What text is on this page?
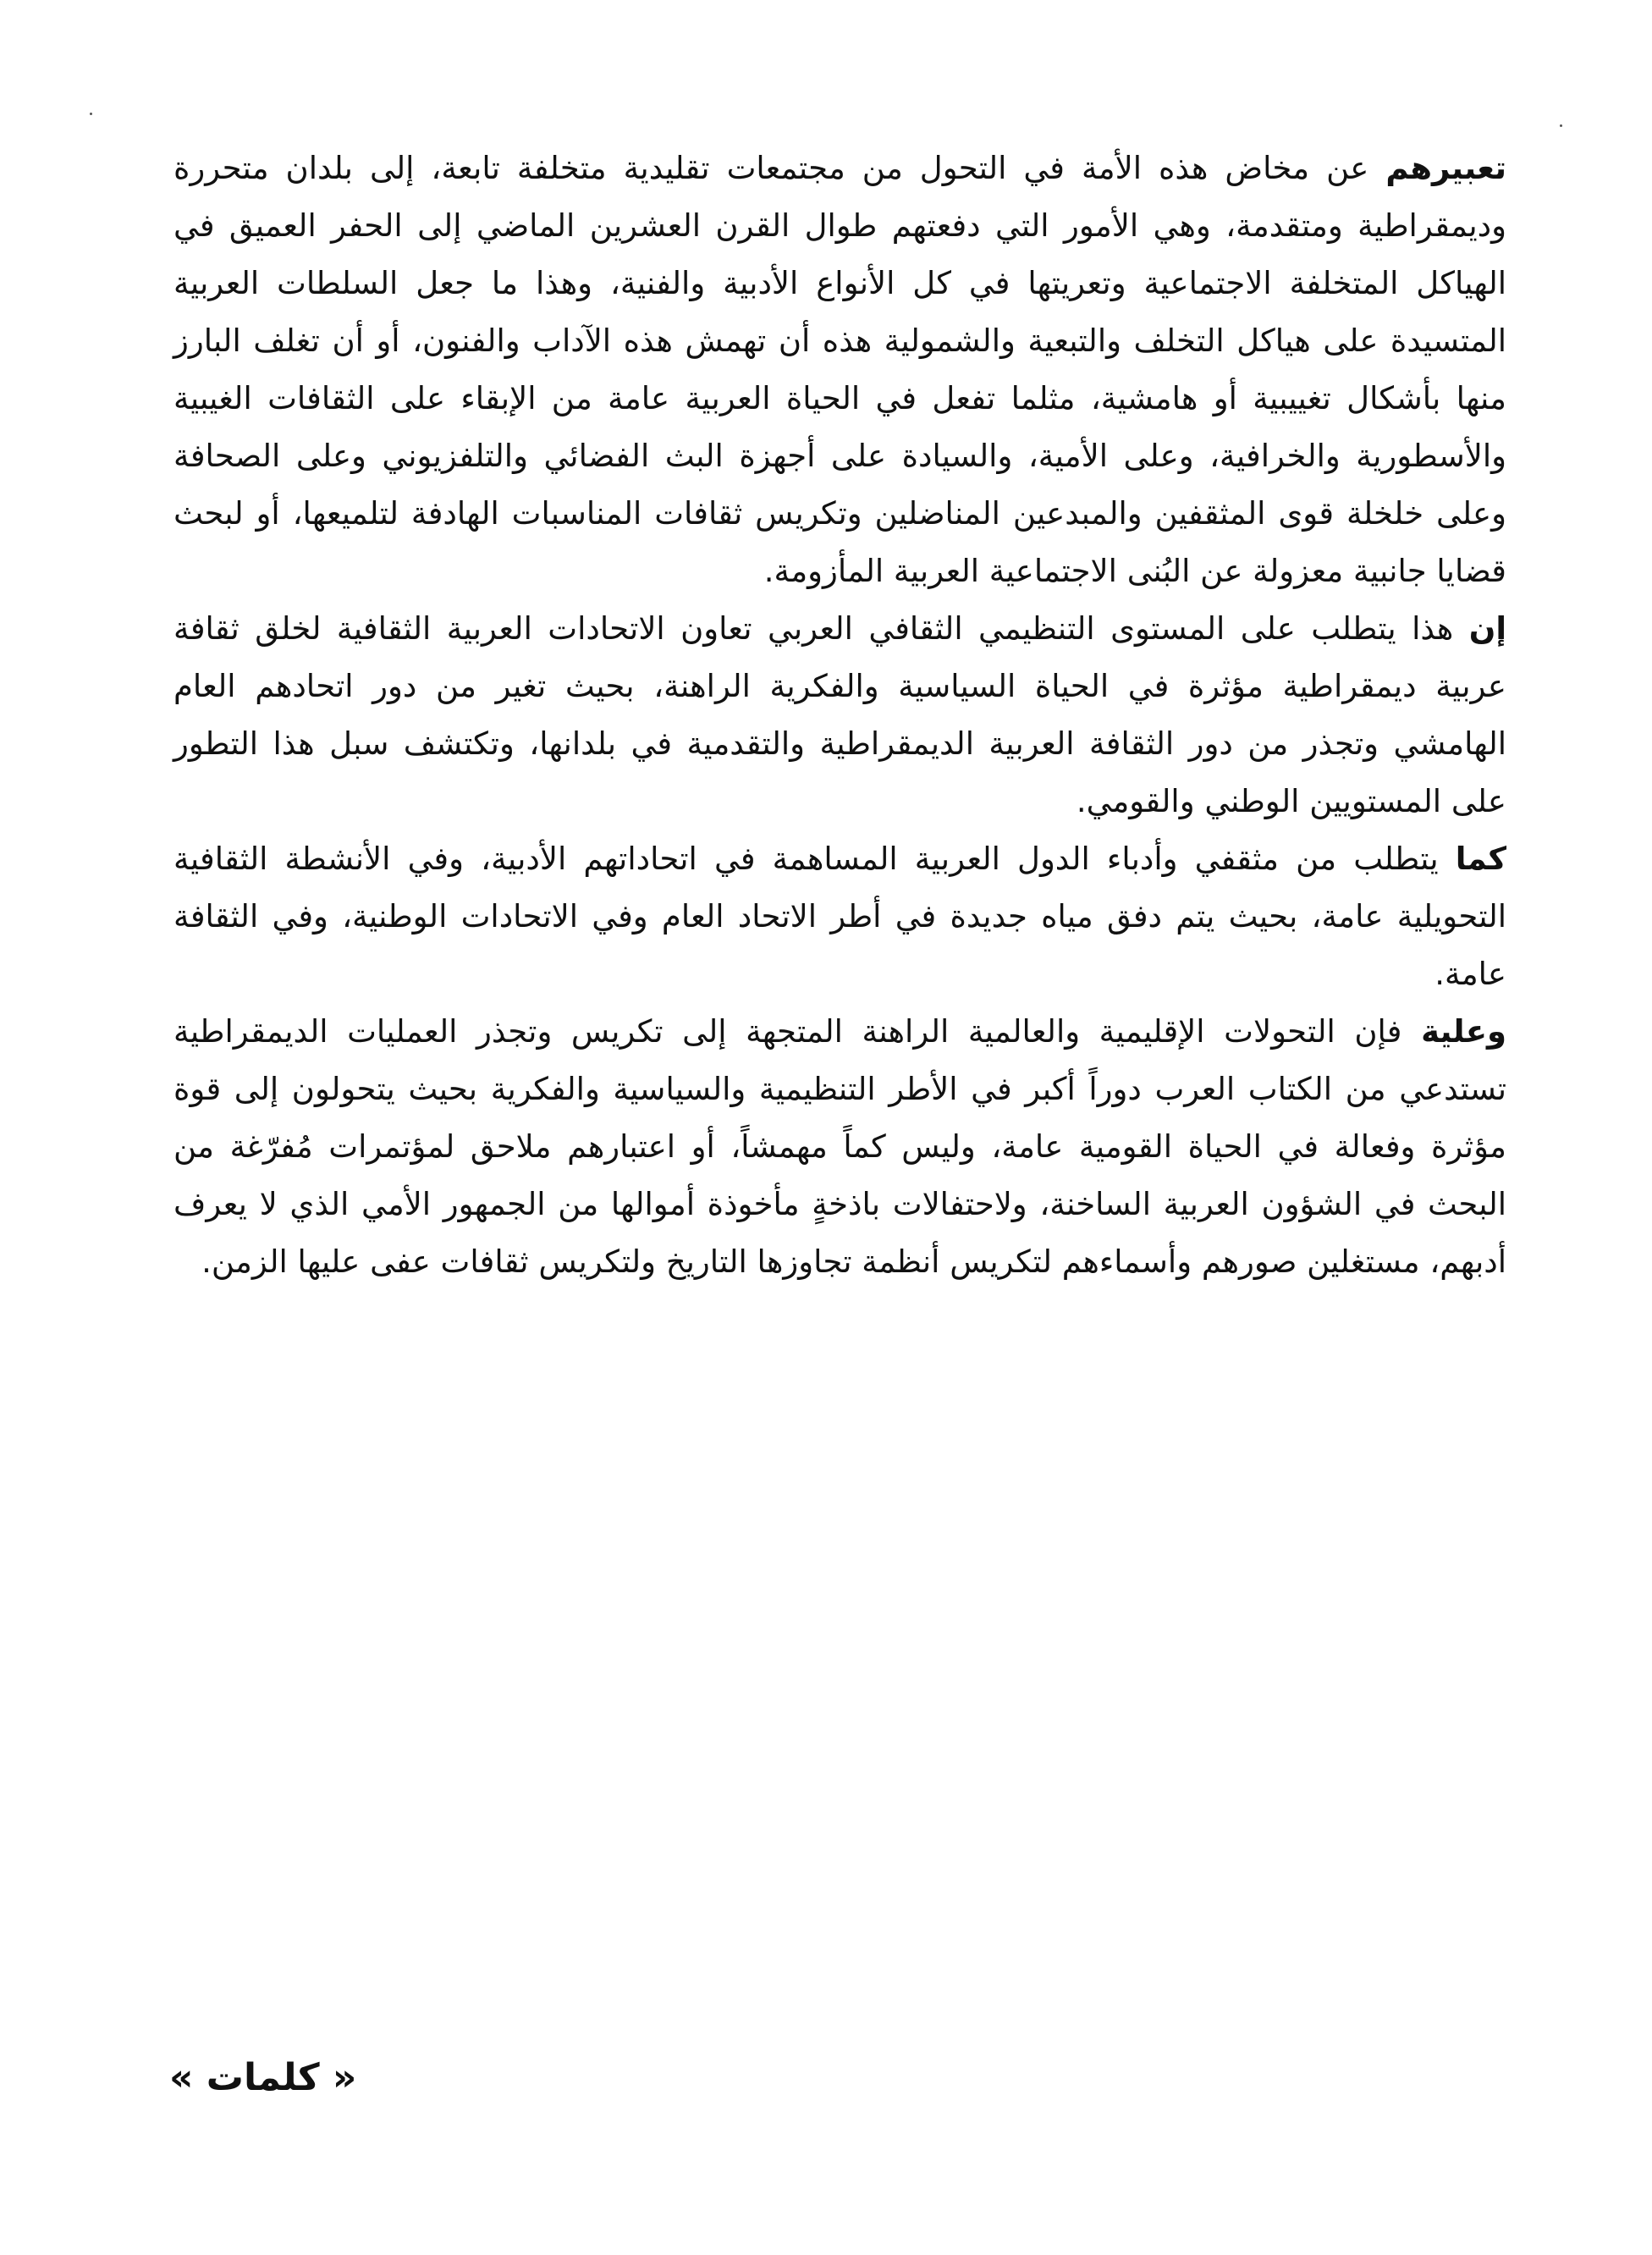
تعبيرهم عن مخاض هذه الأمة في التحول من مجتمعات تقليدية متخلفة تابعة، إلى بلدان متحررة وديمقراطية ومتقدمة، وهي الأمور التي دفعتهم طوال القرن العشرين الماضي إلى الحفر العميق في الهياكل المتخلفة الاجتماعية وتعريتها في كل الأنواع الأدبية والفنية، وهذا ما جعل السلطات العربية المتسيدة على هياكل التخلف والتبعية والشمولية هذه أن تهمش هذه الآداب والفنون، أو أن تغلف البارز منها بأشكال تغييبية أو هامشية، مثلما تفعل في الحياة العربية عامة من الإبقاء على الثقافات الغيبية والأسطورية والخرافية، وعلى الأمية، والسيادة على أجهزة البث الفضائي والتلفزيوني وعلى الصحافة وعلى خلخلة قوى المثقفين والمبدعين المناضلين وتكريس ثقافات المناسبات الهادفة لتلميعها، أو لبحث قضايا جانبية معزولة عن البُنى الاجتماعية العربية المأزومة.

إن هذا يتطلب على المستوى التنظيمي الثقافي العربي تعاون الاتحادات العربية الثقافية لخلق ثقافة عربية ديمقراطية مؤثرة في الحياة السياسية والفكرية الراهنة، بحيث تغير من دور اتحادهم العام الهامشي وتجذر من دور الثقافة العربية الديمقراطية والتقدمية في بلدانها، وتكتشف سبل هذا التطور على المستويين الوطني والقومي.

كما يتطلب من مثقفي وأدباء الدول العربية المساهمة في اتحاداتهم الأدبية، وفي الأنشطة الثقافية التحويلية عامة، بحيث يتم دفق مياه جديدة في أطر الاتحاد العام وفي الاتحادات الوطنية، وفي الثقافة عامة.

وعلية فإن التحولات الإقليمية والعالمية الراهنة المتجهة إلى تكريس وتجذر العمليات الديمقراطية تستدعي من الكتاب العرب دوراً أكبر في الأطر التنظيمية والسياسية والفكرية بحيث يتحولون إلى قوة مؤثرة وفعالة في الحياة القومية عامة، وليس كماً مهمشاً، أو اعتبارهم ملاحق لمؤتمرات مُفرّغة من البحث في الشؤون العربية الساخنة، ولاحتفالات باذخةٍ مأخوذة أموالها من الجمهور الأمي الذي لا يعرف أدبهم، مستغلين صورهم وأسماءهم لتكريس أنظمة تجاوزها التاريخ ولتكريس ثقافات عفى عليها الزمن.

« كلمات »
